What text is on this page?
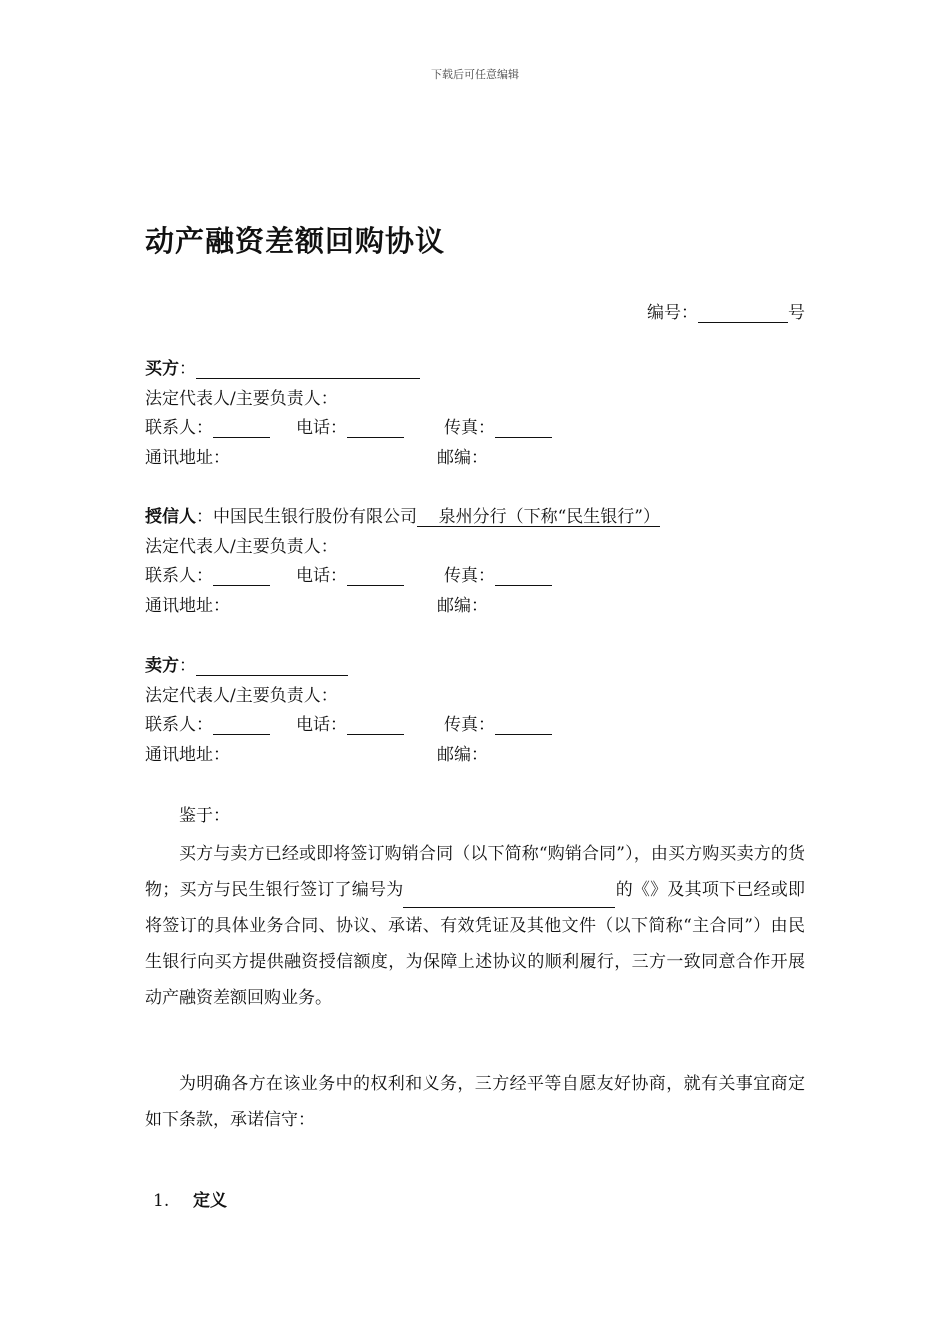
下载后可任意编辑
动产融资差额回购协议
编号：	号
买方 ：
法定代表人/主要负责人：
联系人：	电话：	传真：
通讯地址：	邮编：
授信人 ： 中国民生银行股份有限公司 泉州分行（下称“民生银行”）
法定代表人/主要负责人：
联系人：	电话：	传真：
通讯地址：	邮编：
卖方 ：
法定代表人/主要负责人：
联系人：	电话：	传真：
通讯地址：	邮编：
鉴于：
买方与卖方已经或即将签订购销合同（以下简称“购销合同”），由买方购买卖方的货物；买方与民生银行签订了编号为	的《》及其项下已经或即将签订的具体业务合同、协议、承诺、有效凭证及其他文件（以下简称“主合同”）由民生银行向买方提供融资授信额度，为保障上述协议的顺利履行，三方一致同意合作开展动产融资差额回购业务。
为明确各方在该业务中的权利和义务，三方经平等自愿友好协商，就有关事宜商定如下条款，承诺信守：
1. 定义
